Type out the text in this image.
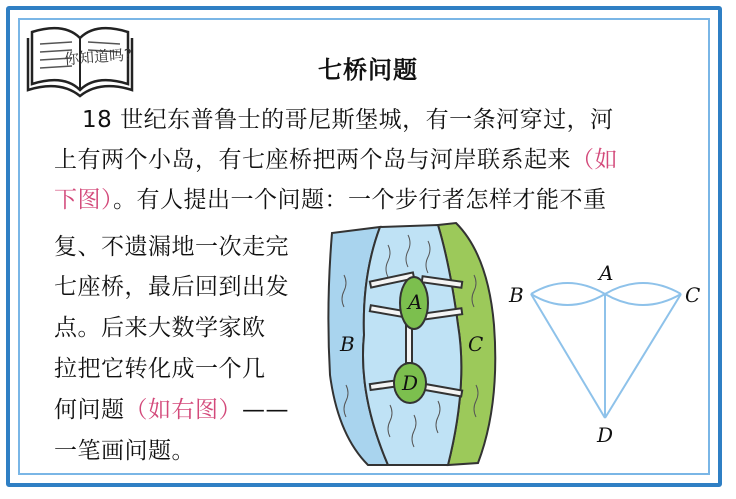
你知道吗?	七桥问题
18 世纪东普鲁士的哥尼斯堡城，有一条河穿过，河
上有两个小岛，有七座桥把两个岛与河岸联系起来（如
下图）。有人提出一个问题：一个步行者怎样才能不重
复、不遗漏地一次走完
七座桥，最后回到出发
点。后来大数学家欧
拉把它转化成一个几
何问题（如右图）——
一笔画问题。
A
D
B	C
A
B	C
D
